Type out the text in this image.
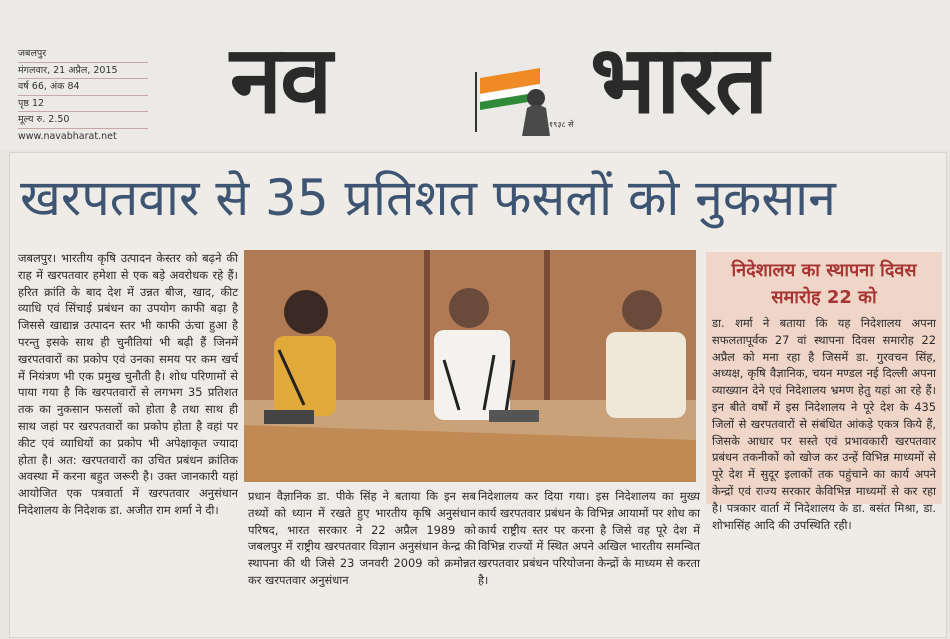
जबलपुर
मंगलवार, 21 अप्रैल, 2015
वर्ष 66, अंक 84
पृष्ठ 12
मूल्य रु. 2.50
www.navabharat.net
नव	१९३८ से भारत
खरपतवार से 35 प्रतिशत फसलों को नुकसान
जबलपुर। भारतीय कृषि उत्पादन केस्तर को बढ़ने की राह में खरपतवार हमेशा से एक बड़े अवरोधक रहे हैं। हरित क्रांति के बाद देश में उन्नत बीज, खाद, कीट व्याधि एवं सिंचाई प्रबंधन का उपयोग काफी बढ़ा है जिससे खाद्यान्न उत्पादन स्तर भी काफी ऊंचा हुआ है परन्तु इसके साथ ही चुनौतियां भी बढ़ी हैं जिनमें खरपतवारों का प्रकोप एवं उनका समय पर कम खर्च में नियंत्रण भी एक प्रमुख चुनौती है। शोध परिणामों से पाया गया है कि खरपतवारों से लगभग 35 प्रतिशत तक का नुकसान फसलों को होता है तथा साथ ही साथ जहां पर खरपतवारों का प्रकोप होता है वहां पर कीट एवं व्याधियों का प्रकोप भी अपेक्षाकृत ज्यादा होता है। अत: खरपतवारों का उचित प्रबंधन क्रांतिक अवस्था में करना बहुत जरूरी है। उक्त जानकारी यहां आयोजित एक पत्रवार्ता में खरपतवार अनुसंधान निदेशालय के निदेशक डा. अजीत राम शर्मा ने दी।
प्रधान वैज्ञानिक डा. पीके सिंह ने बताया कि इन सब तथ्यों को ध्यान में रखते हुए भारतीय कृषि अनुसंधान परिषद, भारत सरकार ने 22 अप्रैल 1989 को जबलपुर में राष्ट्रीय खरपतवार विज्ञान अनुसंधान केन्द्र की स्थापना की थी जिसे 23 जनवरी 2009 को क्रमोन्नत कर खरपतवार अनुसंधान
निदेशालय कर दिया गया। इस निदेशालय का मुख्य कार्य खरपतवार प्रबंधन के विभिन्न आयामों पर शोध का कार्य राष्ट्रीय स्तर पर करना है जिसे वह पूरे देश में विभिन्न राज्यों में स्थित अपने अखिल भारतीय समन्वित खरपतवार प्रबंधन परियोजना केन्द्रों के माध्यम से करता है।
निदेशालय का स्थापना दिवस समारोह 22 को
डा. शर्मा ने बताया कि यह निदेशालय अपना सफलतापूर्वक 27 वां स्थापना दिवस समारोह 22 अप्रैल को मना रहा है जिसमें डा. गुरवचन सिंह, अध्यक्ष, कृषि वैज्ञानिक, चयन मण्डल नई दिल्ली अपना व्याख्यान देने एवं निदेशालय भ्रमण हेतु यहां आ रहे हैं। इन बीते वर्षों में इस निदेशालय ने पूरे देश के 435 जिलों से खरपतवारों से संबंधित आंकड़े एकत्र किये हैं, जिसके आधार पर सस्ते एवं प्रभावकारी खरपतवार प्रबंधन तकनीकों को खोज कर उन्हें विभिन्न माध्यमों से पूरे देश में सुदूर इलाकों तक पहुंचाने का कार्य अपने केन्द्रों एवं राज्य सरकार केविभिन्न माध्यमों से कर रहा है। पत्रकार वार्ता में निदेशालय के डा. बसंत मिश्रा, डा. शोभासिंह आदि की उपस्थिति रही।
